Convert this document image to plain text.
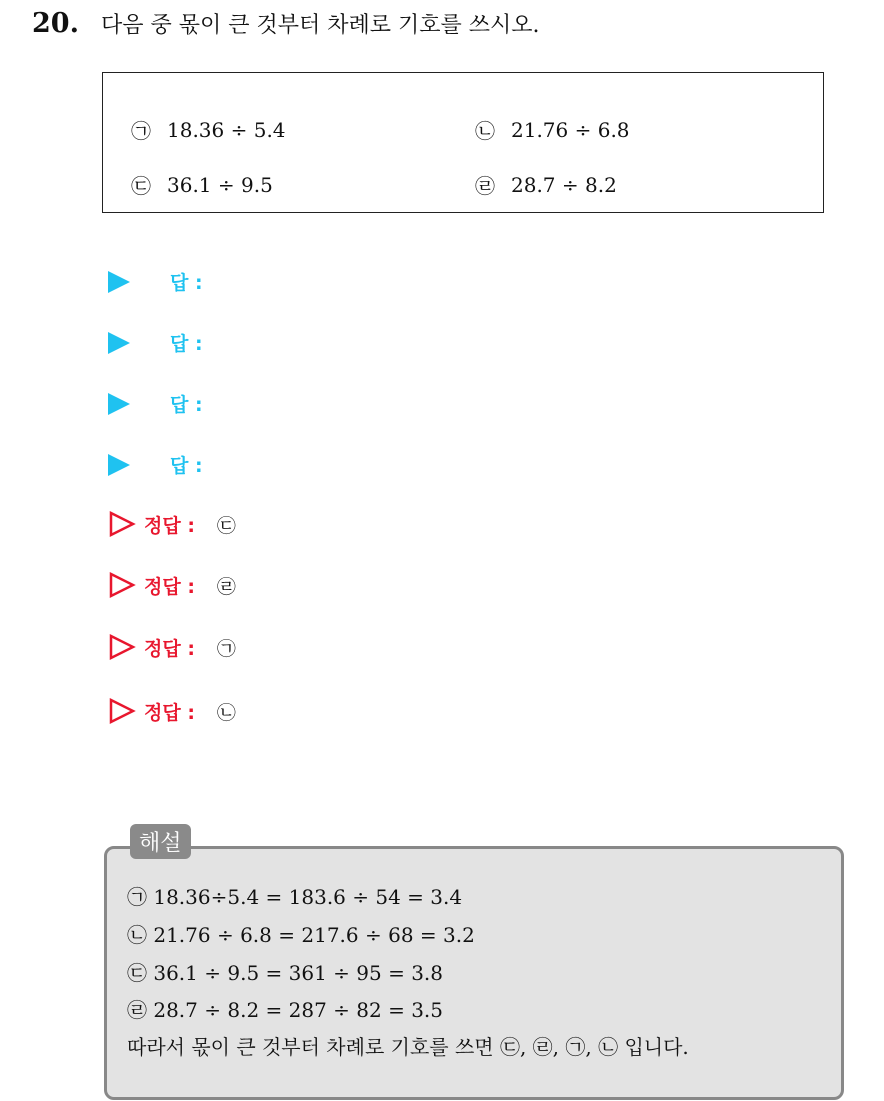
20. 다음 중 몫이 큰 것부터 차례로 기호를 쓰시오.
㉠ 18.36 ÷ 5.4	㉡ 21.76 ÷ 6.8
㉢ 36.1 ÷ 9.5	㉣ 28.7 ÷ 8.2
답 :
답 :
답 :
답 :
정답 : ㉢
정답 : ㉣
정답 : ㉠
정답 : ㉡
해설
㉠ 18.36÷5.4 = 183.6 ÷ 54 = 3.4
㉡ 21.76 ÷ 6.8 = 217.6 ÷ 68 = 3.2
㉢ 36.1 ÷ 9.5 = 361 ÷ 95 = 3.8
㉣ 28.7 ÷ 8.2 = 287 ÷ 82 = 3.5
따라서 몫이 큰 것부터 차례로 기호를 쓰면 ㉢, ㉣, ㉠, ㉡ 입니다.
